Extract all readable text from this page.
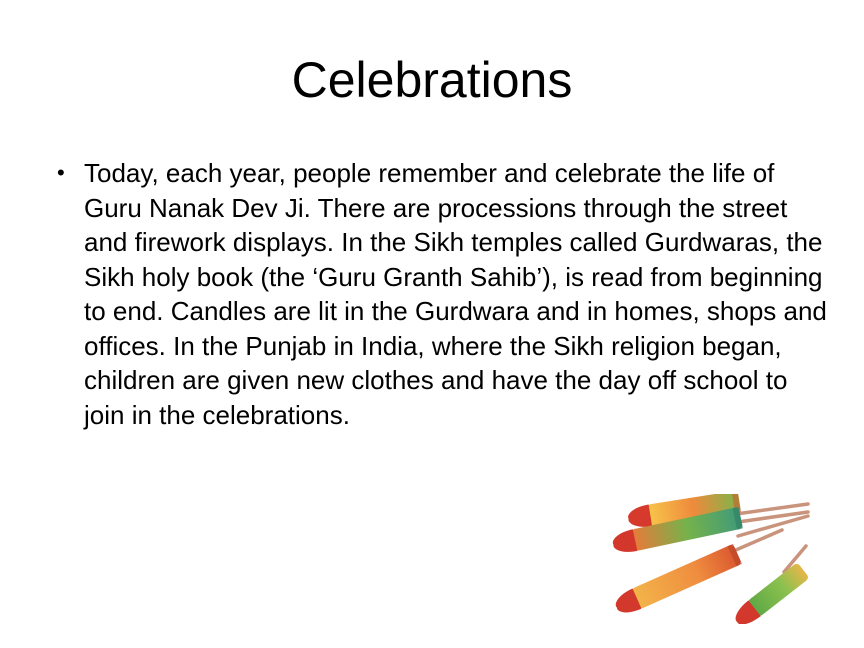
Celebrations
• Today, each year, people remember and celebrate the life of Guru Nanak Dev Ji. There are processions through the street and firework displays. In the Sikh temples called Gurdwaras, the Sikh holy book (the ‘Guru Granth Sahib’), is read from beginning to end. Candles are lit in the Gurdwara and in homes, shops and offices. In the Punjab in India, where the Sikh religion began, children are given new clothes and have the day off school to join in the celebrations.
